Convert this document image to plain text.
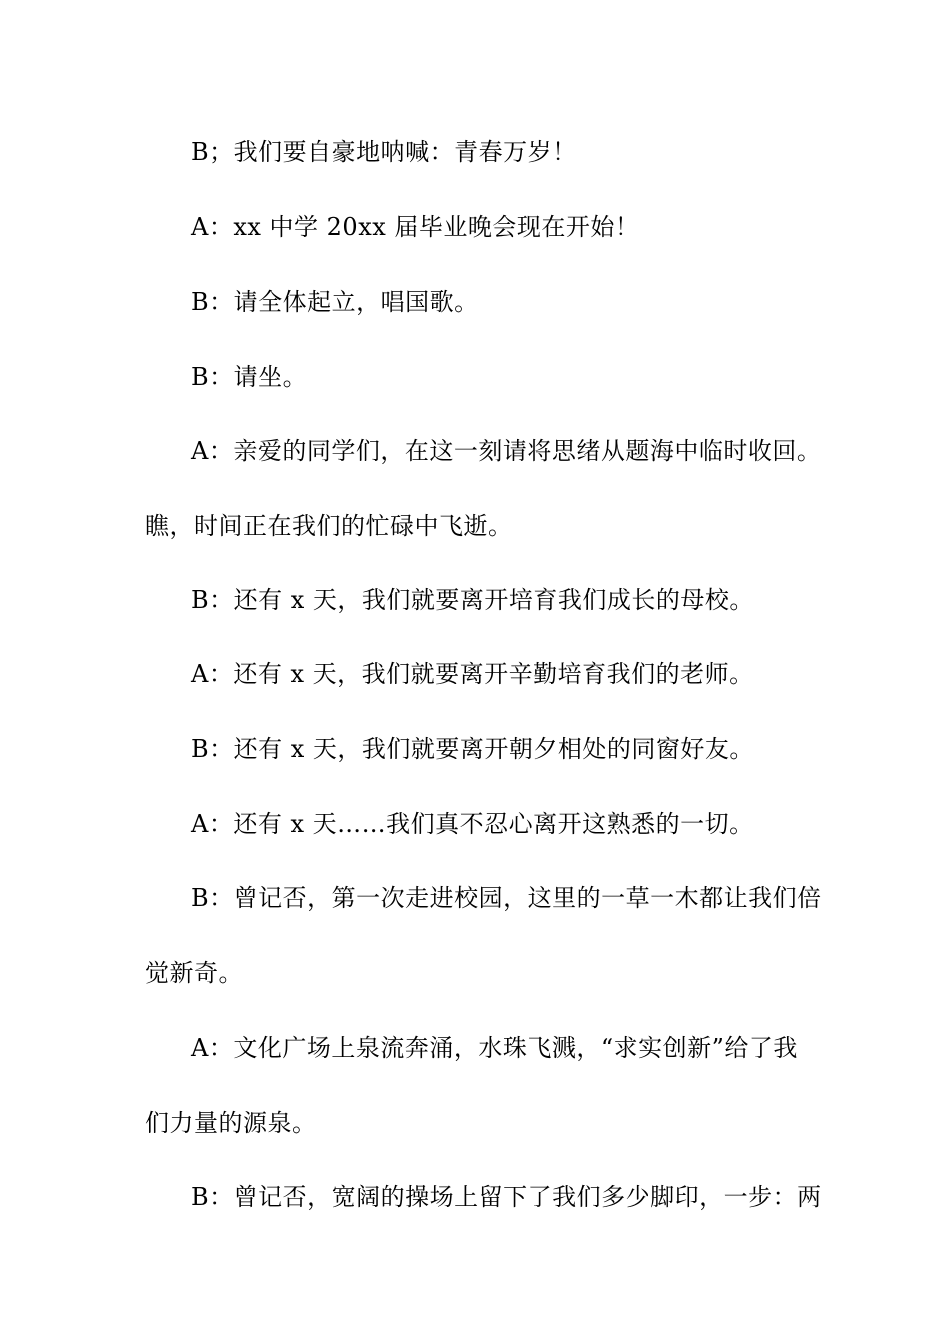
B；我们要自豪地呐喊：青春万岁！
A：xx 中学 20xx 届毕业晚会现在开始！
B：请全体起立，唱国歌。
B：请坐。
A：亲爱的同学们，在这一刻请将思绪从题海中临时收回。
瞧，时间正在我们的忙碌中飞逝。
B：还有 x 天，我们就要离开培育我们成长的母校。
A：还有 x 天，我们就要离开辛勤培育我们的老师。
B：还有 x 天，我们就要离开朝夕相处的同窗好友。
A：还有 x 天……我们真不忍心离开这熟悉的一切。
B：曾记否，第一次走进校园，这里的一草一木都让我们倍
觉新奇。
A：文化广场上泉流奔涌，水珠飞溅，“求实创新”给了我
们力量的源泉。
B：曾记否，宽阔的操场上留下了我们多少脚印，一步：两
